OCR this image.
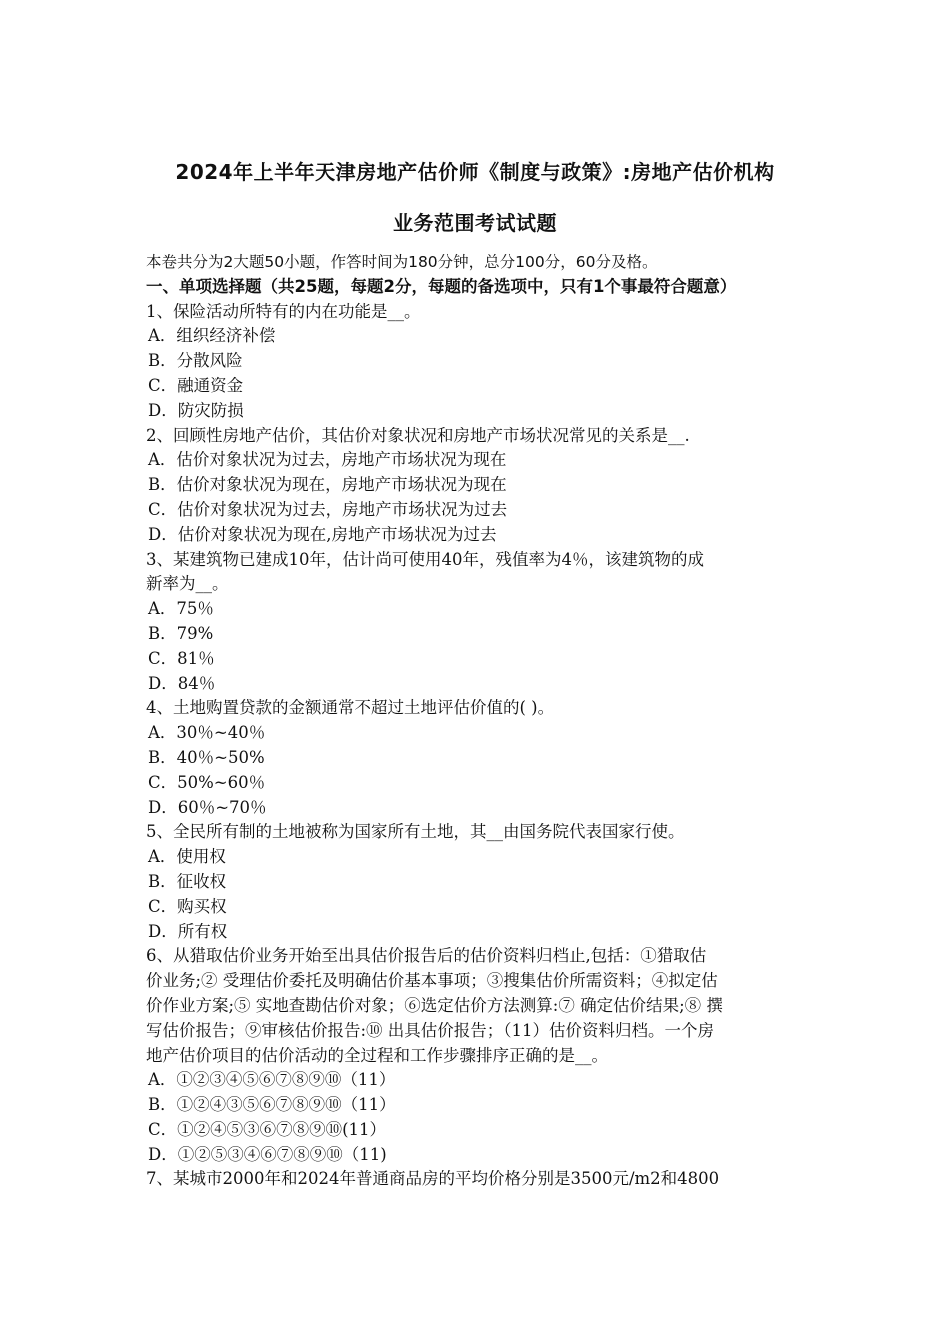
2024年上半年天津房地产估价师《制度与政策》:房地产估价机构
业务范围考试试题
本卷共分为2大题50小题，作答时间为180分钟，总分100分，60分及格。
一、单项选择题（共25题，每题2分，每题的备选项中，只有1个事最符合题意）
1、保险活动所特有的内在功能是__。
A．组织经济补偿
B．分散风险
C．融通资金
D．防灾防损
2、回顾性房地产估价，其估价对象状况和房地产市场状况常见的关系是__.
A．估价对象状况为过去，房地产市场状况为现在
B．估价对象状况为现在，房地产市场状况为现在
C．估价对象状况为过去，房地产市场状况为过去
D．估价对象状况为现在,房地产市场状况为过去
3、某建筑物已建成10年，估计尚可使用40年，残值率为4％，该建筑物的成
新率为__。
A．75％
B．79%
C．81％
D．84％
4、土地购置贷款的金额通常不超过土地评估价值的( )。
A．30％~40％
B．40％~50%
C．50%~60％
D．60％~70％
5、全民所有制的土地被称为国家所有土地，其__由国务院代表国家行使。
A．使用权
B．征收权
C．购买权
D．所有权
6、从猎取估价业务开始至出具估价报告后的估价资料归档止,包括：①猎取估
价业务;② 受理估价委托及明确估价基本事项；③搜集估价所需资料；④拟定估
价作业方案;⑤ 实地查勘估价对象；⑥选定估价方法测算:⑦ 确定估价结果;⑧ 撰
写估价报告；⑨审核估价报告:⑩ 出具估价报告；（11）估价资料归档。一个房
地产估价项目的估价活动的全过程和工作步骤排序正确的是__。
A．①②③④⑤⑥⑦⑧⑨⑩（11）
B．①②④③⑤⑥⑦⑧⑨⑩（11）
C．①②④⑤③⑥⑦⑧⑨⑩(11）
D．①②⑤③④⑥⑦⑧⑨⑩（11)
7、某城市2000年和2024年普通商品房的平均价格分别是3500元/m2和4800
